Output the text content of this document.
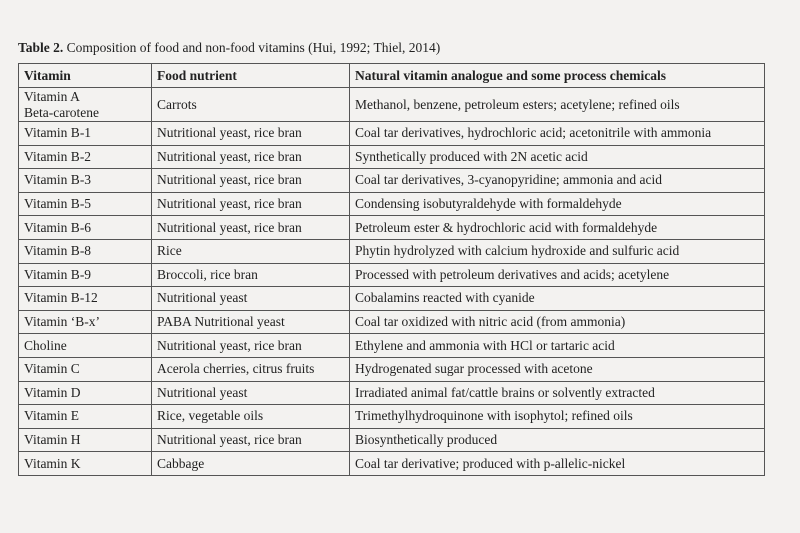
Table 2. Composition of food and non-food vitamins (Hui, 1992; Thiel, 2014)
Vitamin	Food nutrient	Natural vitamin analogue and some process chemicals
Vitamin A
Beta-carotene	Carrots	Methanol, benzene, petroleum esters; acetylene; refined oils
Vitamin B-1	Nutritional yeast, rice bran	Coal tar derivatives, hydrochloric acid; acetonitrile with ammonia
Vitamin B-2	Nutritional yeast, rice bran	Synthetically produced with 2N acetic acid
Vitamin B-3	Nutritional yeast, rice bran	Coal tar derivatives, 3-cyanopyridine; ammonia and acid
Vitamin B-5	Nutritional yeast, rice bran	Condensing isobutyraldehyde with formaldehyde
Vitamin B-6	Nutritional yeast, rice bran	Petroleum ester & hydrochloric acid with formaldehyde
Vitamin B-8	Rice	Phytin hydrolyzed with calcium hydroxide and sulfuric acid
Vitamin B-9	Broccoli, rice bran	Processed with petroleum derivatives and acids; acetylene
Vitamin B-12	Nutritional yeast	Cobalamins reacted with cyanide
Vitamin ‘B-x’	PABA Nutritional yeast	Coal tar oxidized with nitric acid (from ammonia)
Choline	Nutritional yeast, rice bran	Ethylene and ammonia with HCl or tartaric acid
Vitamin C	Acerola cherries, citrus fruits	Hydrogenated sugar processed with acetone
Vitamin D	Nutritional yeast	Irradiated animal fat/cattle brains or solvently extracted
Vitamin E	Rice, vegetable oils	Trimethylhydroquinone with isophytol; refined oils
Vitamin H	Nutritional yeast, rice bran	Biosynthetically produced
Vitamin K	Cabbage	Coal tar derivative; produced with p-allelic-nickel
